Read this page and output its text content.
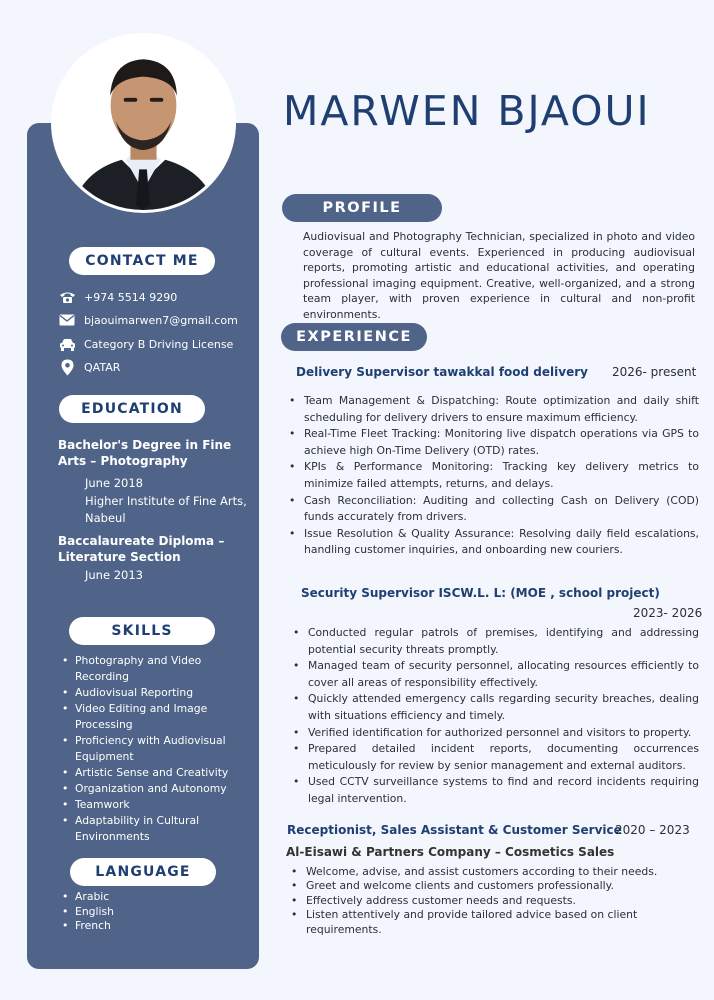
CONTACT ME
+974 5514 9290
bjaouimarwen7@gmail.com
Category B Driving License
QATAR
EDUCATION
Bachelor's Degree in Fine
Arts – Photography
June 2018
Higher Institute of Fine Arts,
Nabeul
Baccalaureate Diploma –
Literature Section
June 2013
SKILLS
• Photography and Video
Recording
• Audiovisual Reporting
• Video Editing and Image
Processing
• Proficiency with Audiovisual
Equipment
• Artistic Sense and Creativity
• Organization and Autonomy
• Teamwork
• Adaptability in Cultural
Environments
LANGUAGE
• Arabic
• English
• French
MARWEN BJAOUI
PROFILE
Audiovisual and Photography Technician, specialized in photo and video coverage of cultural events. Experienced in producing audiovisual reports, promoting artistic and educational activities, and operating professional imaging equipment. Creative, well-organized, and a strong team player, with proven experience in cultural and non-profit environments.
EXPERIENCE
Delivery Supervisor tawakkal food delivery 2026- present
• Team Management & Dispatching: Route optimization and daily shift scheduling for delivery drivers to ensure maximum efficiency.
• Real-Time Fleet Tracking: Monitoring live dispatch operations via GPS to achieve high On-Time Delivery (OTD) rates.
• KPIs & Performance Monitoring: Tracking key delivery metrics to minimize failed attempts, returns, and delays.
• Cash Reconciliation: Auditing and collecting Cash on Delivery (COD) funds accurately from drivers.
• Issue Resolution & Quality Assurance: Resolving daily field escalations, handling customer inquiries, and onboarding new couriers.
Security Supervisor ISCW.L. L: (MOE , school project)
2023- 2026
• Conducted regular patrols of premises, identifying and addressing potential security threats promptly.
• Managed team of security personnel, allocating resources efficiently to cover all areas of responsibility effectively.
• Quickly attended emergency calls regarding security breaches, dealing with situations efficiency and timely.
• Verified identification for authorized personnel and visitors to property.
• Prepared detailed incident reports, documenting occurrences meticulously for review by senior management and external auditors.
• Used CCTV surveillance systems to find and record incidents requiring legal intervention.
Receptionist, Sales Assistant & Customer Service
2020 – 2023
Al-Eisawi & Partners Company – Cosmetics Sales
• Welcome, advise, and assist customers according to their needs.
• Greet and welcome clients and customers professionally.
• Effectively address customer needs and requests.
• Listen attentively and provide tailored advice based on client requirements.
